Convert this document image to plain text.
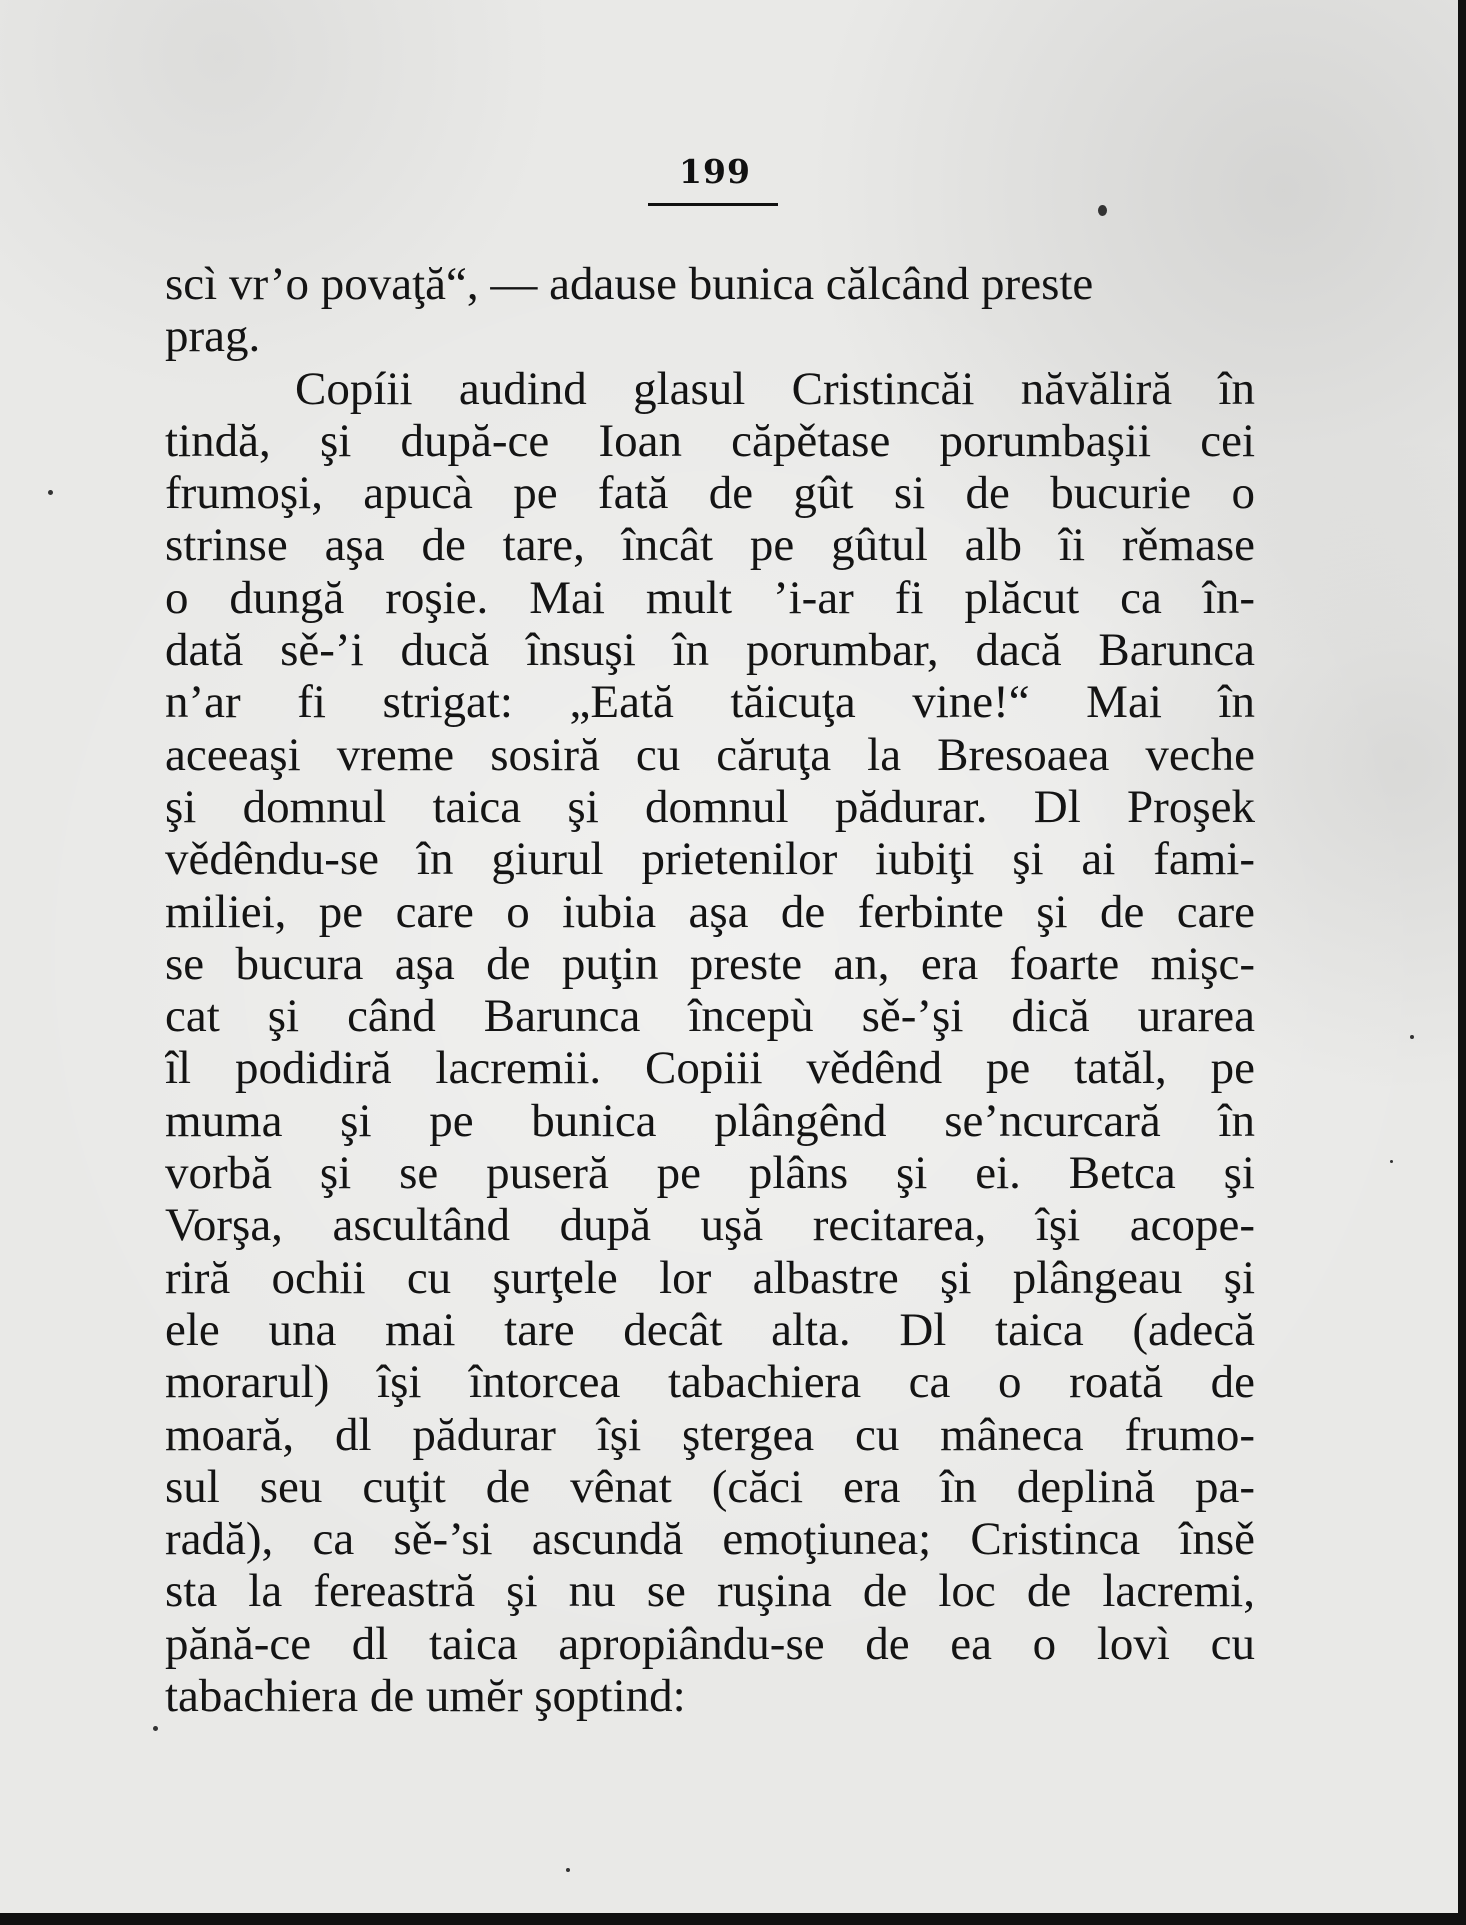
199
scì vr’o povaţă“, — adause bunica călcând preste
prag.
Copíii audind glasul Cristincăi năvăliră în
tindă, şi după-ce Ioan căpětase porumbaşii cei
frumoşi, apucà pe fată de gût si de bucurie o
strinse aşa de tare, încât pe gûtul alb îi rěmase
o dungă roşie. Mai mult ’i-ar fi plăcut ca în-
dată sě-’i ducă însuşi în porumbar, dacă Barunca
n’ar fi strigat: „Eată tăicuţa vine!“ Mai în
aceeaşi vreme sosiră cu căruţa la Bresoaea veche
şi domnul taica şi domnul pădurar. Dl Proşek
vědêndu-se în giurul prietenilor iubiţi şi ai fami-
miliei, pe care o iubia aşa de ferbinte şi de care
se bucura aşa de puţin preste an, era foarte mişc-
cat şi când Barunca începù sě-’şi dică urarea
îl podidiră lacremii. Copiii vědênd pe tatăl, pe
muma şi pe bunica plângênd se’ncurcară în
vorbă şi se puseră pe plâns şi ei. Betca şi
Vorşa, ascultând după uşă recitarea, îşi acope-
riră ochii cu şurţele lor albastre şi plângeau şi
ele una mai tare decât alta. Dl taica (adecă
morarul) îşi întorcea tabachiera ca o roată de
moară, dl pădurar îşi ştergea cu mâneca frumo-
sul seu cuţit de vênat (căci era în deplină pa-
radă), ca sě-’si ascundă emoţiunea; Cristinca însě
sta la fereastră şi nu se ruşina de loc de lacremi,
pănă-ce dl taica apropiându-se de ea o lovì cu
tabachiera de umĕr şoptind:
